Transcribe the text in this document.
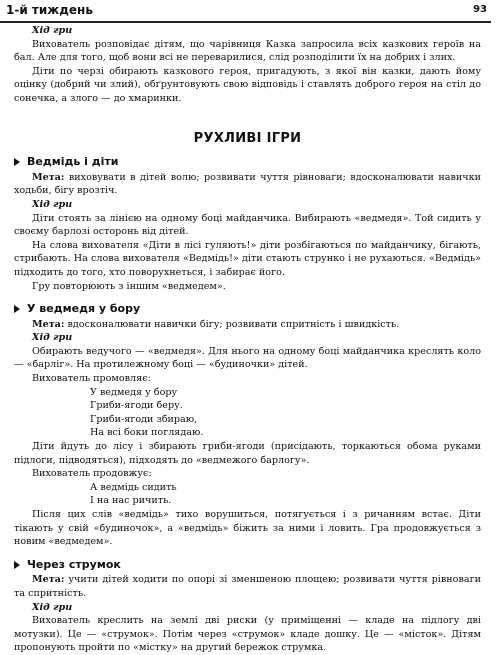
1-й тиждень	93

Хід гри

Вихователь розповідає дітям, що чарівниця Казка запросила всіх казкових героїв на бал. Але для того, щоб вони всі не переварилися, слід розподілити їх на добрих і злих.

Діти по черзі обирають казкового героя, пригадують, з якої він казки, дають йому оцінку (добрий чи злий), обґрунтовують свою відповідь і ставлять доброго героя на стіл до сонечка, а злого — до хмаринки.

РУХЛИВІ ІГРИ
Ведмідь і діти

Мета: виховувати в дітей волю; розвивати чуття рівноваги; вдосконалювати навички ходьби, бігу врозтіч.

Хід гри

Діти стоять за лінією на одному боці майданчика. Вибирають «ведмедя». Той сидить у своєму барлозі осторонь від дітей.

На слова вихователя «Діти в лісі гуляють!» діти розбігаються по майданчику, бігають, стрибають. На слова вихователя «Ведмідь!» діти стають струнко і не рухаються. «Ведмідь» підходить до того, хто поворухнеться, і забирає його.

Гру повторюють з іншим «ведмедем».

У ведмедя у бору

Мета: вдосконалювати навички бігу; розвивати спритність і швидкість.

Хід гри

Обирають ведучого — «ведмедя». Для нього на одному боці майданчика креслять коло — «барліг». На протилежному боці — «будиночки» дітей.

Вихователь промовляє:

У ведмедя у бору

Гриби-ягоди беру.

Гриби-ягоди збираю,

На всі боки поглядаю.

Діти йдуть до лісу і збирають гриби-ягоди (присідають, торкаються обома руками підлоги, підводяться), підходять до «ведмежого барлогу».

Вихователь продовжує:

А ведмідь сидить

І на нас ричить.

Після цих слів «ведмідь» тихо ворушиться, потягується і з ричанням встає. Діти тікають у свій «будиночок», а «ведмідь» біжить за ними і ловить. Гра продовжується з новим «ведмедем».

Через струмок

Мета: учити дітей ходити по опорі зі зменшеною площею; розвивати чуття рівноваги та спритність.

Хід гри

Вихователь креслить на землі дві риски (у приміщенні — кладе на підлогу дві мотузки). Це — «струмок». Потім через «струмок» кладе дошку. Це — «місток». Дітям пропонують пройти по «містку» на другий бережок струмка.
